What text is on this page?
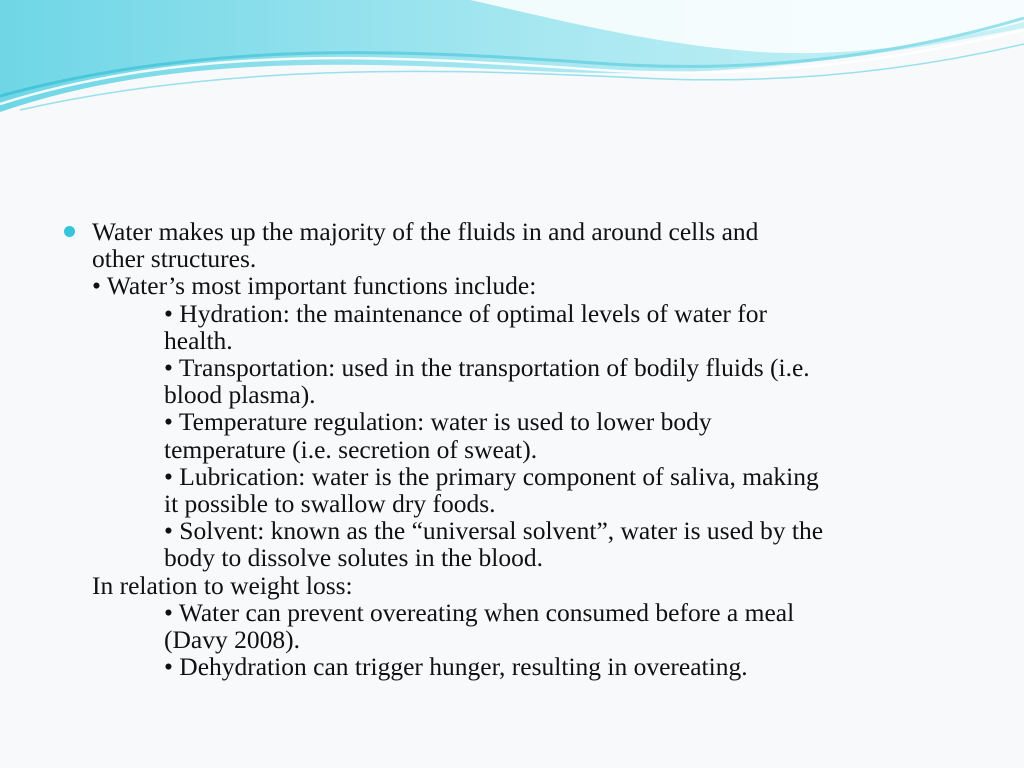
Water makes up the majority of the fluids in and around cells and
other structures.
• Water’s most important functions include:
• Hydration: the maintenance of optimal levels of water for
health.
• Transportation: used in the transportation of bodily fluids (i.e.
blood plasma).
• Temperature regulation: water is used to lower body
temperature (i.e. secretion of sweat).
• Lubrication: water is the primary component of saliva, making
it possible to swallow dry foods.
• Solvent: known as the “universal solvent”, water is used by the
body to dissolve solutes in the blood.
In relation to weight loss:
• Water can prevent overeating when consumed before a meal
(Davy 2008).
• Dehydration can trigger hunger, resulting in overeating.
